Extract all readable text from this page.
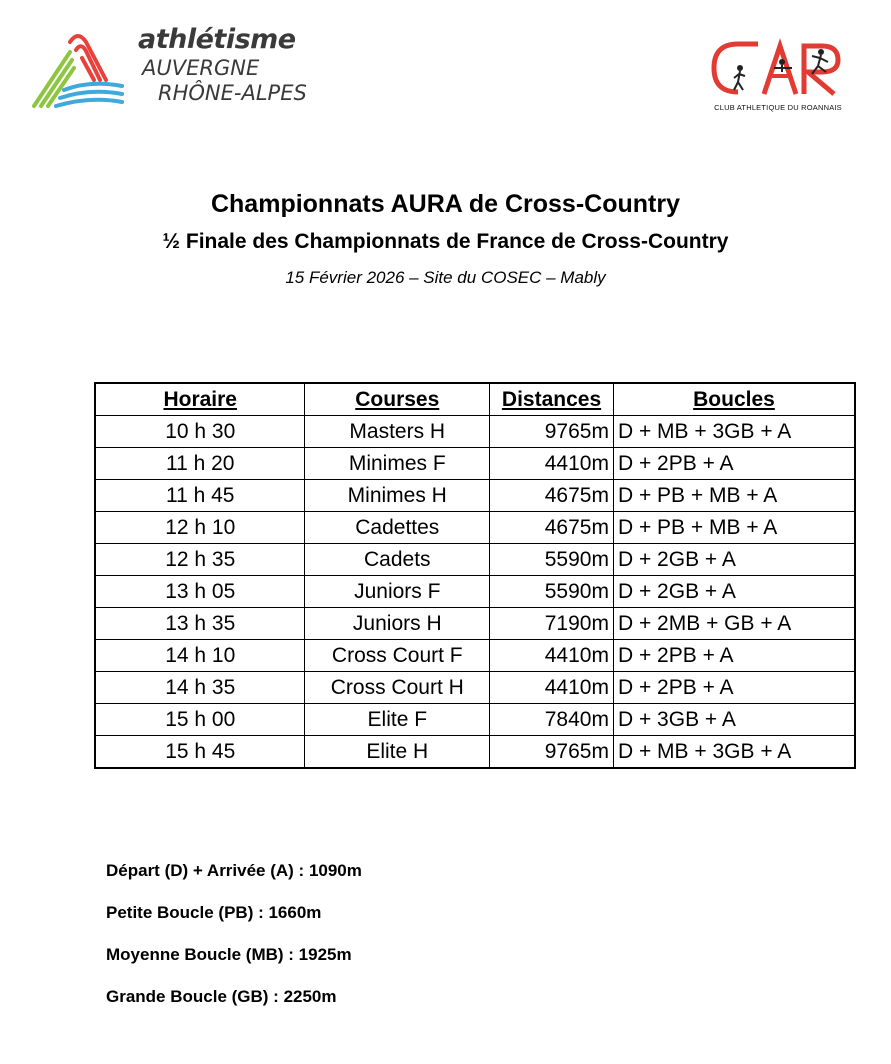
athlétisme
AUVERGNE
RHÔNE-ALPES
CLUB ATHLETIQUE DU ROANNAIS
Championnats AURA de Cross-Country
½ Finale des Championnats de France de Cross-Country
15 Février 2026 – Site du COSEC – Mably
Horaire	Courses	Distances	Boucles
10 h 30	Masters H	9765m	D + MB + 3GB + A
11 h 20	Minimes F	4410m	D + 2PB + A
11 h 45	Minimes H	4675m	D + PB + MB + A
12 h 10	Cadettes	4675m	D + PB + MB + A
12 h 35	Cadets	5590m	D + 2GB + A
13 h 05	Juniors F	5590m	D + 2GB + A
13 h 35	Juniors H	7190m	D + 2MB + GB + A
14 h 10	Cross Court F	4410m	D + 2PB + A
14 h 35	Cross Court H	4410m	D + 2PB + A
15 h 00	Elite F	7840m	D + 3GB + A
15 h 45	Elite H	9765m	D + MB + 3GB + A
Départ (D) + Arrivée (A) : 1090m
Petite Boucle (PB) : 1660m
Moyenne Boucle (MB) : 1925m
Grande Boucle (GB) : 2250m
